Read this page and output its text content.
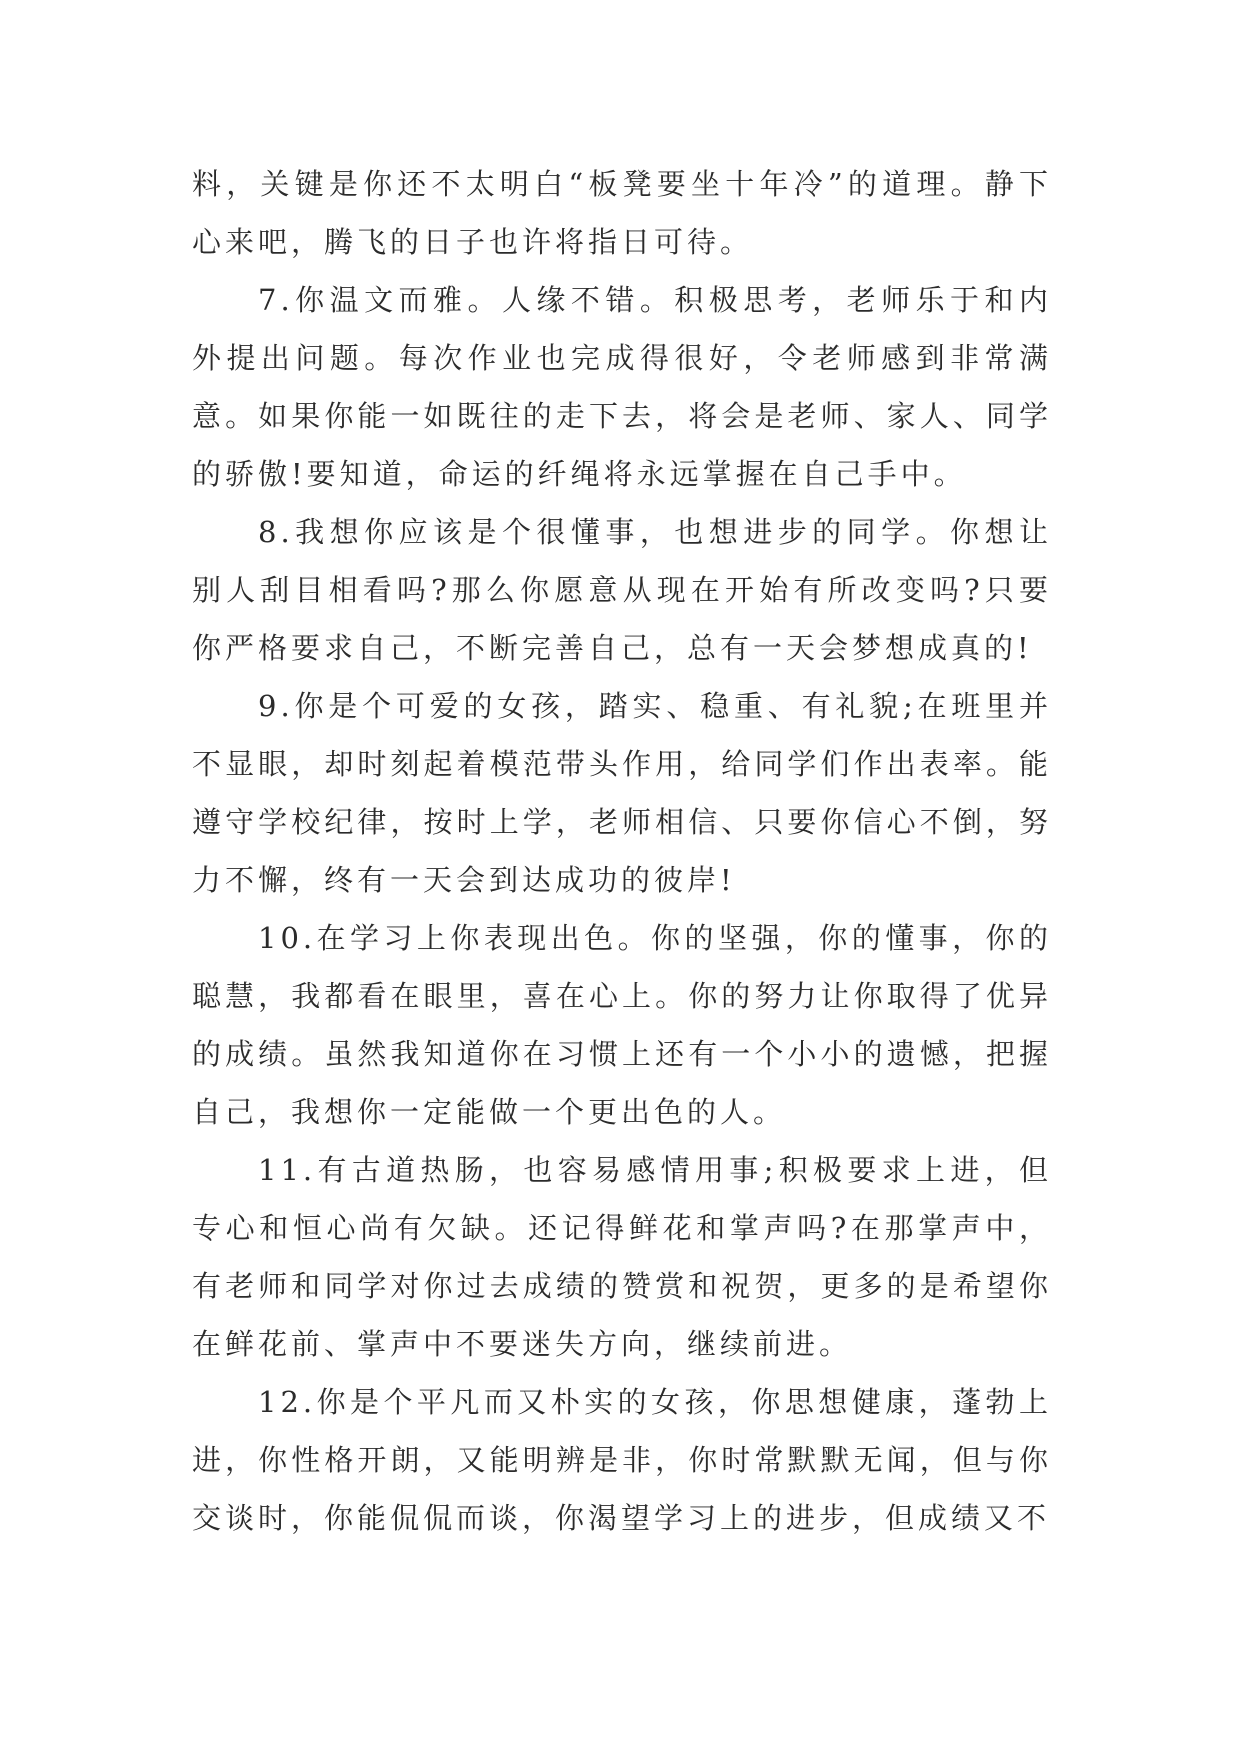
料，关键是你还不太明白“板凳要坐十年冷”的道理。静下心来吧，腾飞的日子也许将指日可待。

7.你温文而雅。人缘不错。积极思考，老师乐于和内外提出问题。每次作业也完成得很好，令老师感到非常满意。如果你能一如既往的走下去，将会是老师、家人、同学的骄傲!要知道，命运的纤绳将永远掌握在自己手中。

8.我想你应该是个很懂事，也想进步的同学。你想让别人刮目相看吗?那么你愿意从现在开始有所改变吗?只要你严格要求自己，不断完善自己，总有一天会梦想成真的!

9.你是个可爱的女孩，踏实、稳重、有礼貌;在班里并不显眼，却时刻起着模范带头作用，给同学们作出表率。能遵守学校纪律，按时上学，老师相信、只要你信心不倒，努力不懈，终有一天会到达成功的彼岸!

10.在学习上你表现出色。你的坚强，你的懂事，你的聪慧，我都看在眼里，喜在心上。你的努力让你取得了优异的成绩。虽然我知道你在习惯上还有一个小小的遗憾，把握自己，我想你一定能做一个更出色的人。

11.有古道热肠，也容易感情用事;积极要求上进，但专心和恒心尚有欠缺。还记得鲜花和掌声吗?在那掌声中，有老师和同学对你过去成绩的赞赏和祝贺，更多的是希望你在鲜花前、掌声中不要迷失方向，继续前进。

12.你是个平凡而又朴实的女孩，你思想健康，蓬勃上进，你性格开朗，又能明辨是非，你时常默默无闻，但与你交谈时，你能侃侃而谈，你渴望学习上的进步，但成绩又不
